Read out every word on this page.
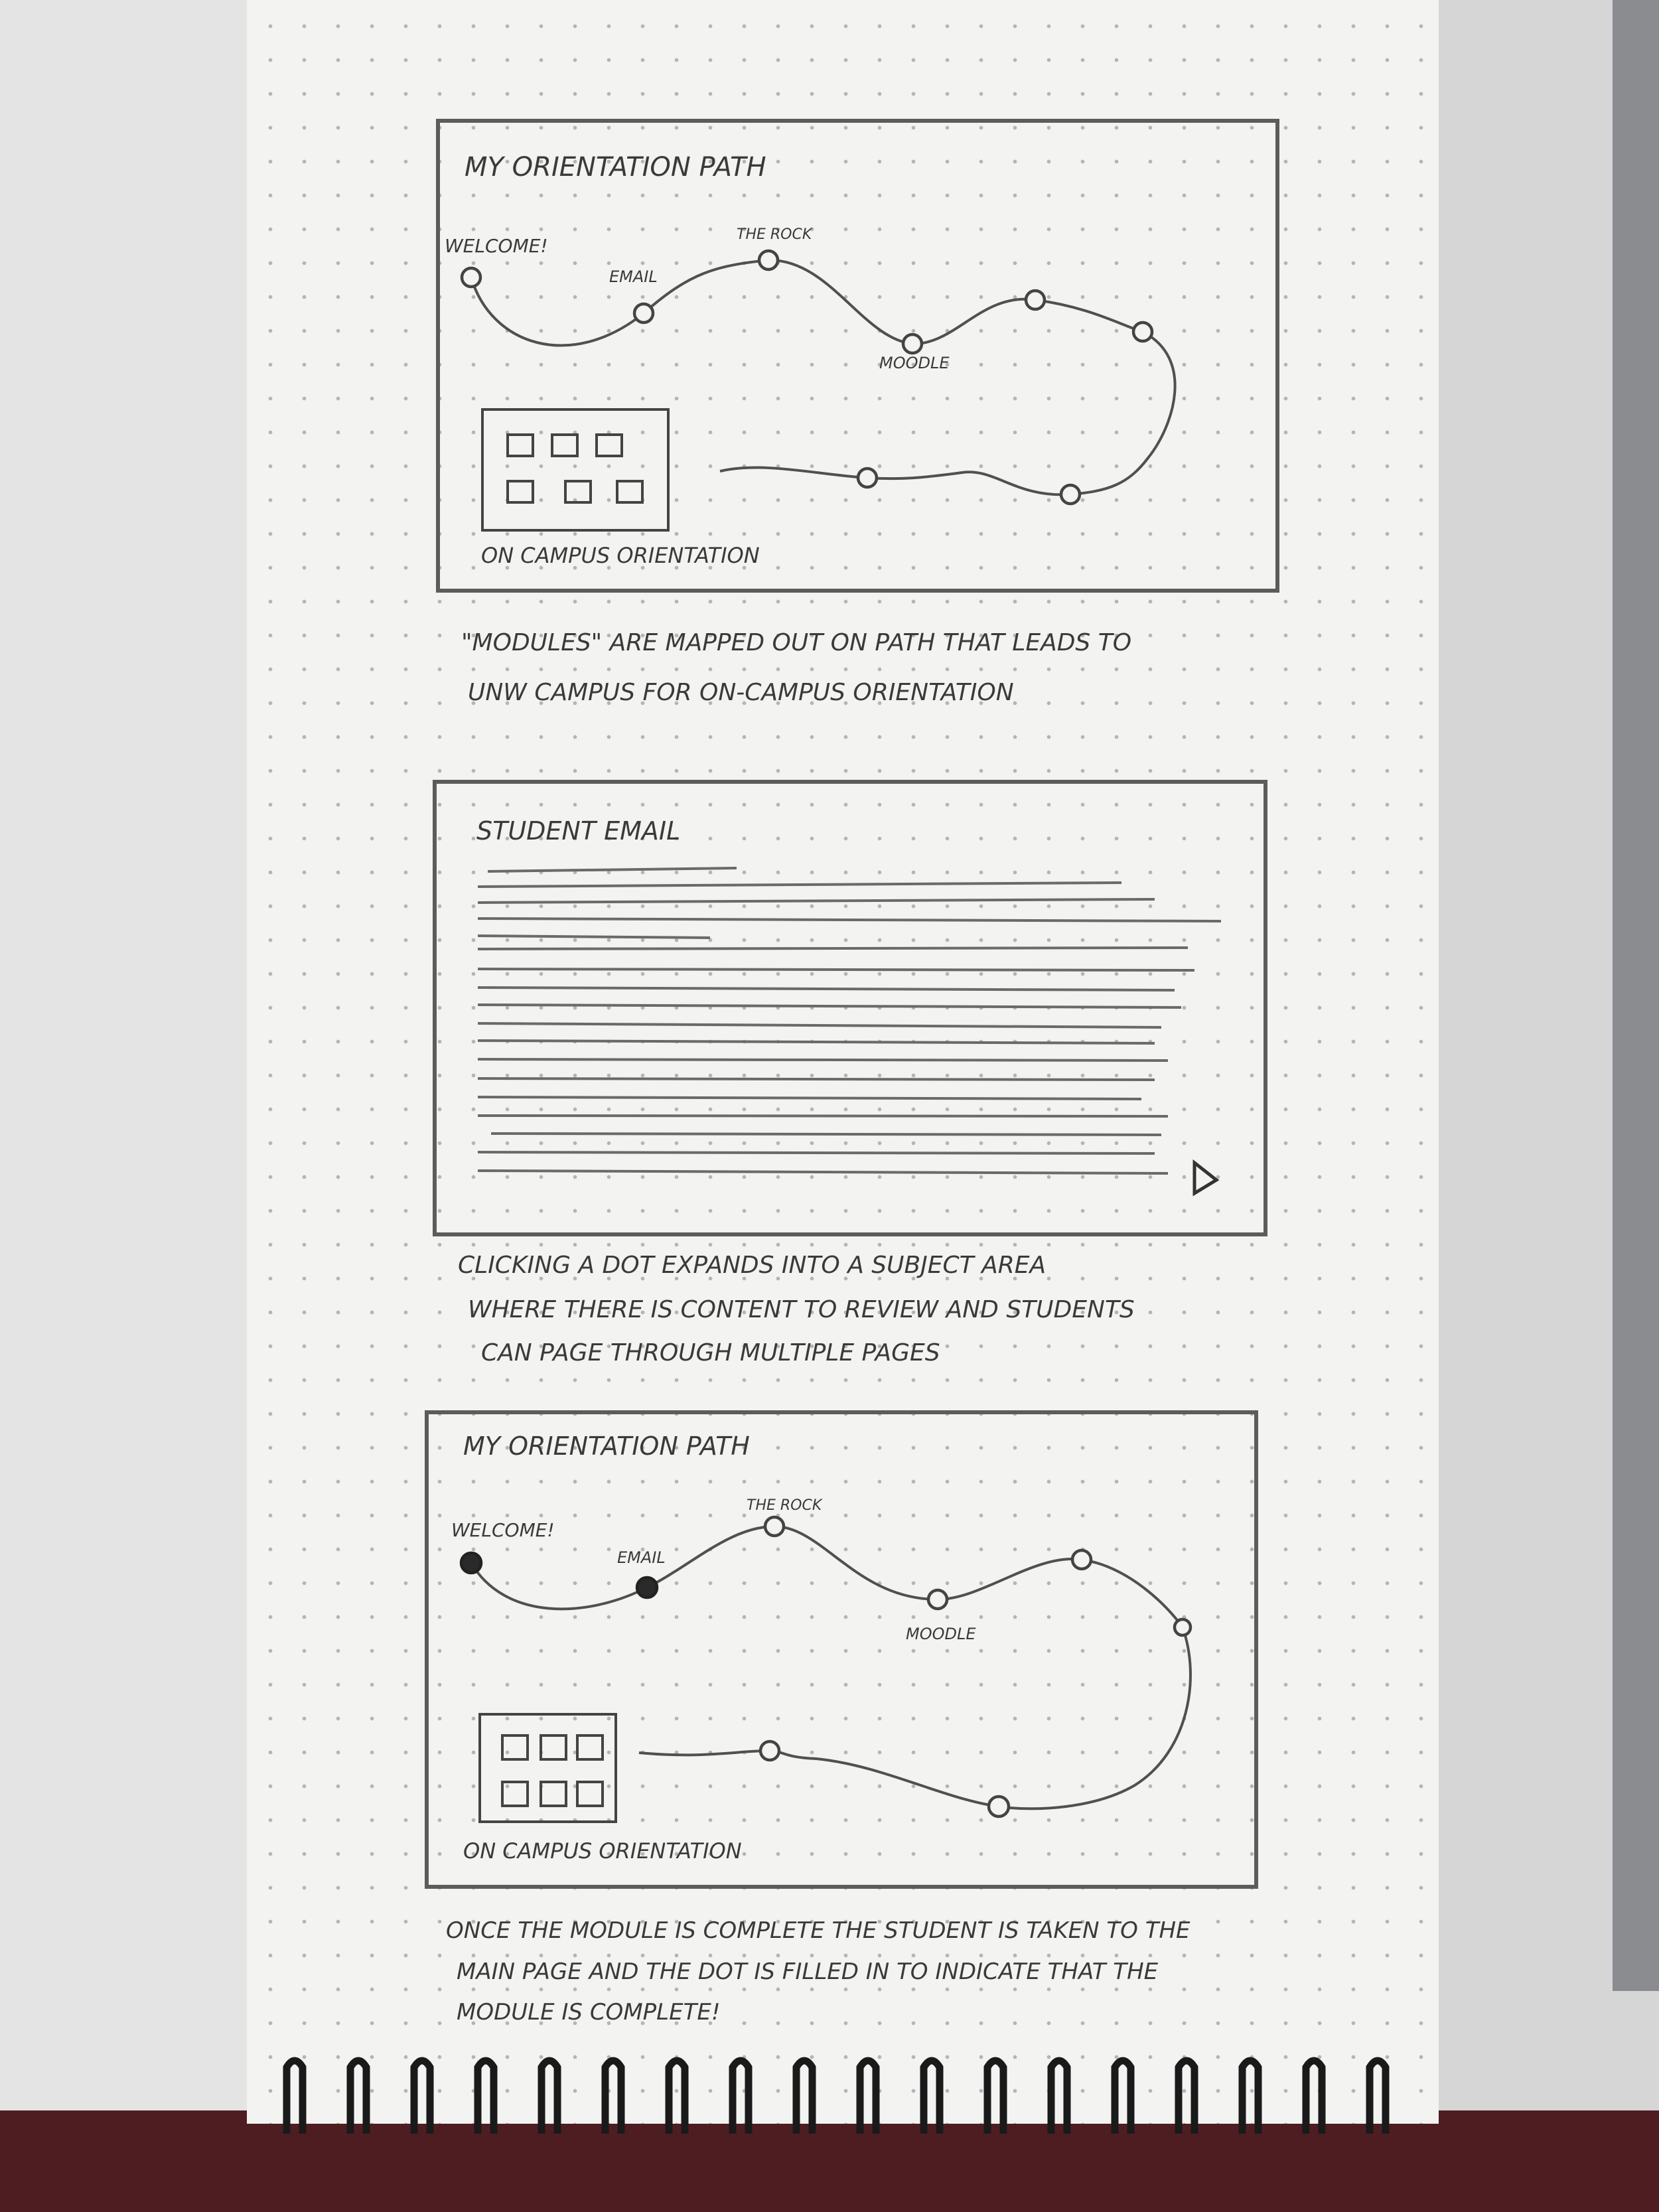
MY ORIENTATION PATH
WELCOME!
EMAIL
THE ROCK
MOODLE
ON CAMPUS ORIENTATION
"MODULES" ARE MAPPED OUT ON PATH THAT LEADS TO
UNW CAMPUS FOR ON-CAMPUS ORIENTATION
STUDENT EMAIL
CLICKING A DOT EXPANDS INTO A SUBJECT AREA
WHERE THERE IS CONTENT TO REVIEW AND STUDENTS
CAN PAGE THROUGH MULTIPLE PAGES
MY ORIENTATION PATH
WELCOME!
EMAIL
THE ROCK
MOODLE
ON CAMPUS ORIENTATION
ONCE THE MODULE IS COMPLETE THE STUDENT IS TAKEN TO THE
MAIN PAGE AND THE DOT IS FILLED IN TO INDICATE THAT THE
MODULE IS COMPLETE!
